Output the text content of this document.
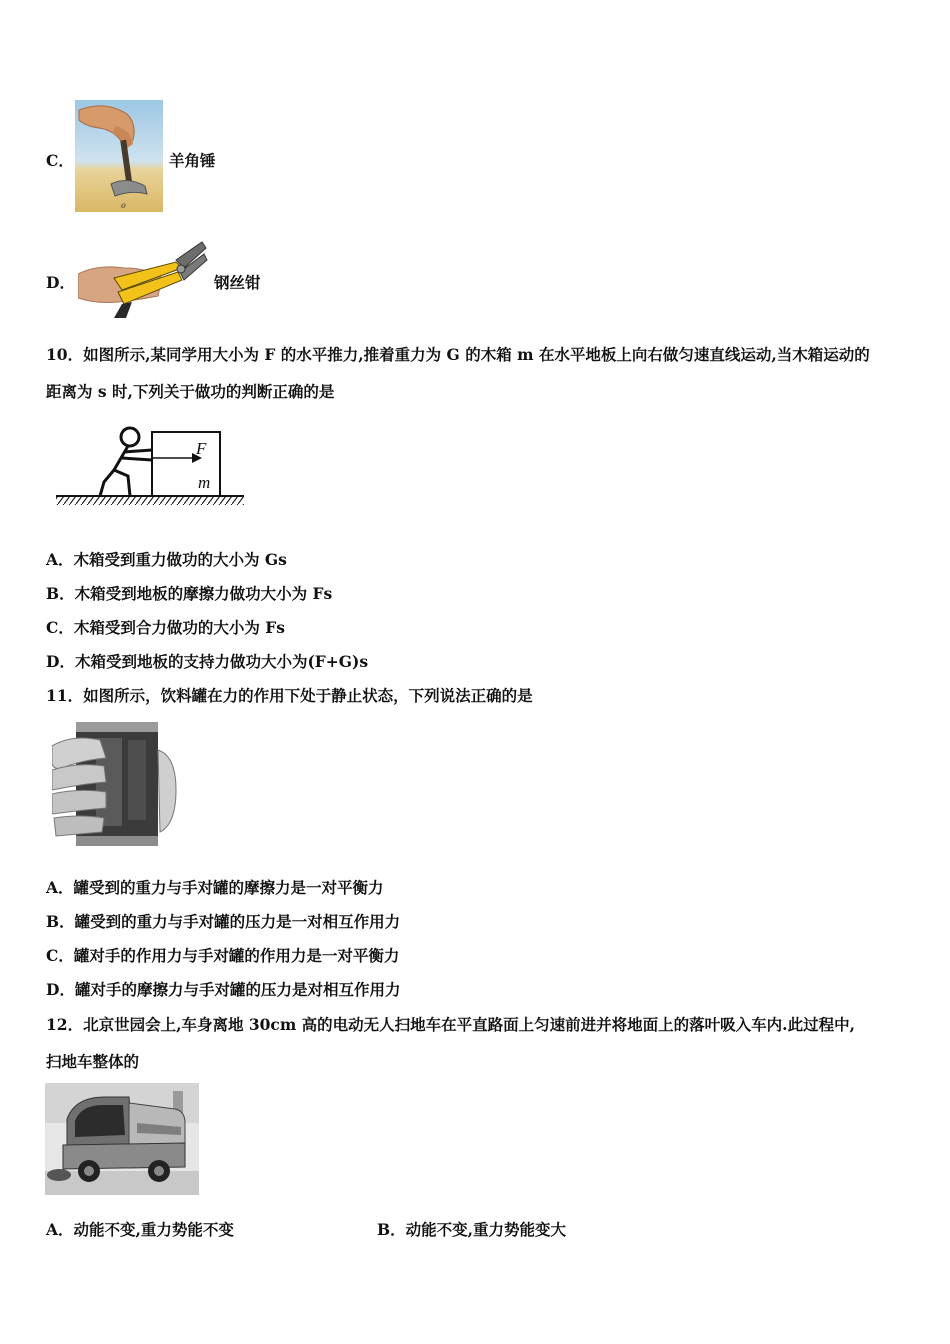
C．
o
羊角锤
D．	钢丝钳
10．如图所示,某同学用大小为 F 的水平推力,推着重力为 G 的木箱 m 在水平地板上向右做匀速直线运动,当木箱运动的
距离为 s 时,下列关于做功的判断正确的是
F
m
A．木箱受到重力做功的大小为 Gs
B．木箱受到地板的摩擦力做功大小为 Fs
C．木箱受到合力做功的大小为 Fs
D．木箱受到地板的支持力做功大小为(F+G)s
11．如图所示，饮料罐在力的作用下处于静止状态，下列说法正确的是
A．罐受到的重力与手对罐的摩擦力是一对平衡力
B．罐受到的重力与手对罐的压力是一对相互作用力
C．罐对手的作用力与手对罐的作用力是一对平衡力
D．罐对手的摩擦力与手对罐的压力是对相互作用力
12．北京世园会上,车身离地 30cm 高的电动无人扫地车在平直路面上匀速前进并将地面上的落叶吸入车内.此过程中,
扫地车整体的
A．动能不变,重力势能不变	B．动能不变,重力势能变大
